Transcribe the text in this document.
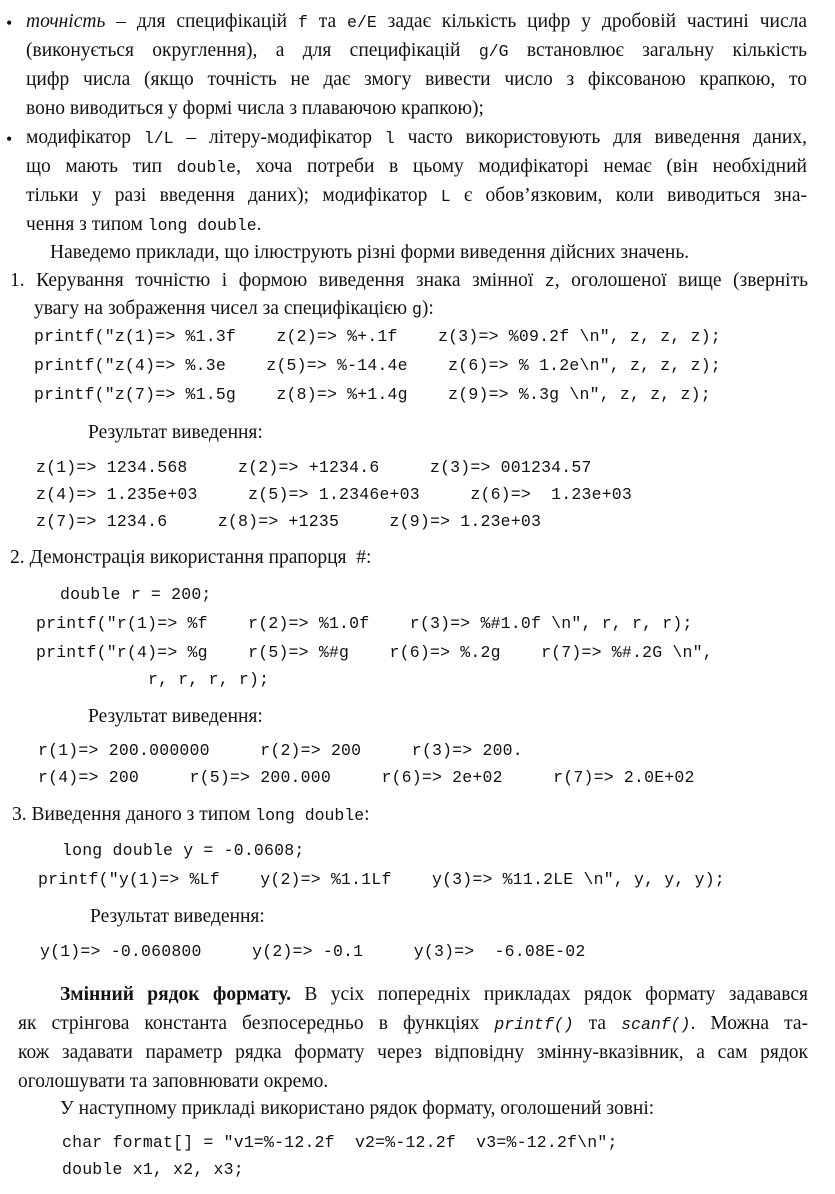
• точність – для специфікацій f та e/E задає кількість цифр у дробовій частині числа
(виконується округлення), а для специфікацій g/G встановлює загальну кількість
цифр числа (якщо точність не дає змогу вивести число з фіксованою крапкою, то
воно виводиться у формі числа з плаваючою крапкою);
• модифікатор l/L – літеру-модифікатор l часто використовують для виведення даних,
що мають тип double, хоча потреби в цьому модифікаторі немає (він необхідний
тільки у разі введення даних); модифікатор L є обов’язковим, коли виводиться зна-
чення з типом long double.
Наведемо приклади, що ілюструють різні форми виведення дійсних значень.
1. Керування точністю і формою виведення знака змінної z, оголошеної вище (зверніть
увагу на зображення чисел за специфікацією g):
printf("z(1)=> %1.3f    z(2)=> %+.1f    z(3)=> %09.2f \n", z, z, z);
printf("z(4)=> %.3e    z(5)=> %-14.4e    z(6)=> % 1.2e\n", z, z, z);
printf("z(7)=> %1.5g    z(8)=> %+1.4g    z(9)=> %.3g \n", z, z, z);
Результат виведення:
z(1)=> 1234.568     z(2)=> +1234.6     z(3)=> 001234.57
z(4)=> 1.235e+03     z(5)=> 1.2346e+03     z(6)=>  1.23e+03
z(7)=> 1234.6     z(8)=> +1235     z(9)=> 1.23e+03
2. Демонстрація використання прапорця  #:
double r = 200;
printf("r(1)=> %f    r(2)=> %1.0f    r(3)=> %#1.0f \n", r, r, r);
printf("r(4)=> %g    r(5)=> %#g    r(6)=> %.2g    r(7)=> %#.2G \n",
r, r, r, r);
Результат виведення:
r(1)=> 200.000000     r(2)=> 200     r(3)=> 200.
r(4)=> 200     r(5)=> 200.000     r(6)=> 2e+02     r(7)=> 2.0E+02
3. Виведення даного з типом long double:
long double y = -0.0608;
printf("y(1)=> %Lf    y(2)=> %1.1Lf    y(3)=> %11.2LE \n", y, y, y);
Результат виведення:
y(1)=> -0.060800     y(2)=> -0.1     y(3)=>  -6.08E-02
Змінний рядок формату. В усіх попередніх прикладах рядок формату задавався
як стрінгова константа безпосередньо в функціях printf() та scanf(). Можна та-
кож задавати параметр рядка формату через відповідну змінну-вказівник, а сам рядок
оголошувати та заповнювати окремо.
У наступному прикладі використано рядок формату, оголошений зовні:
char format[] = "v1=%-12.2f  v2=%-12.2f  v3=%-12.2f\n";
double x1, x2, x3;
